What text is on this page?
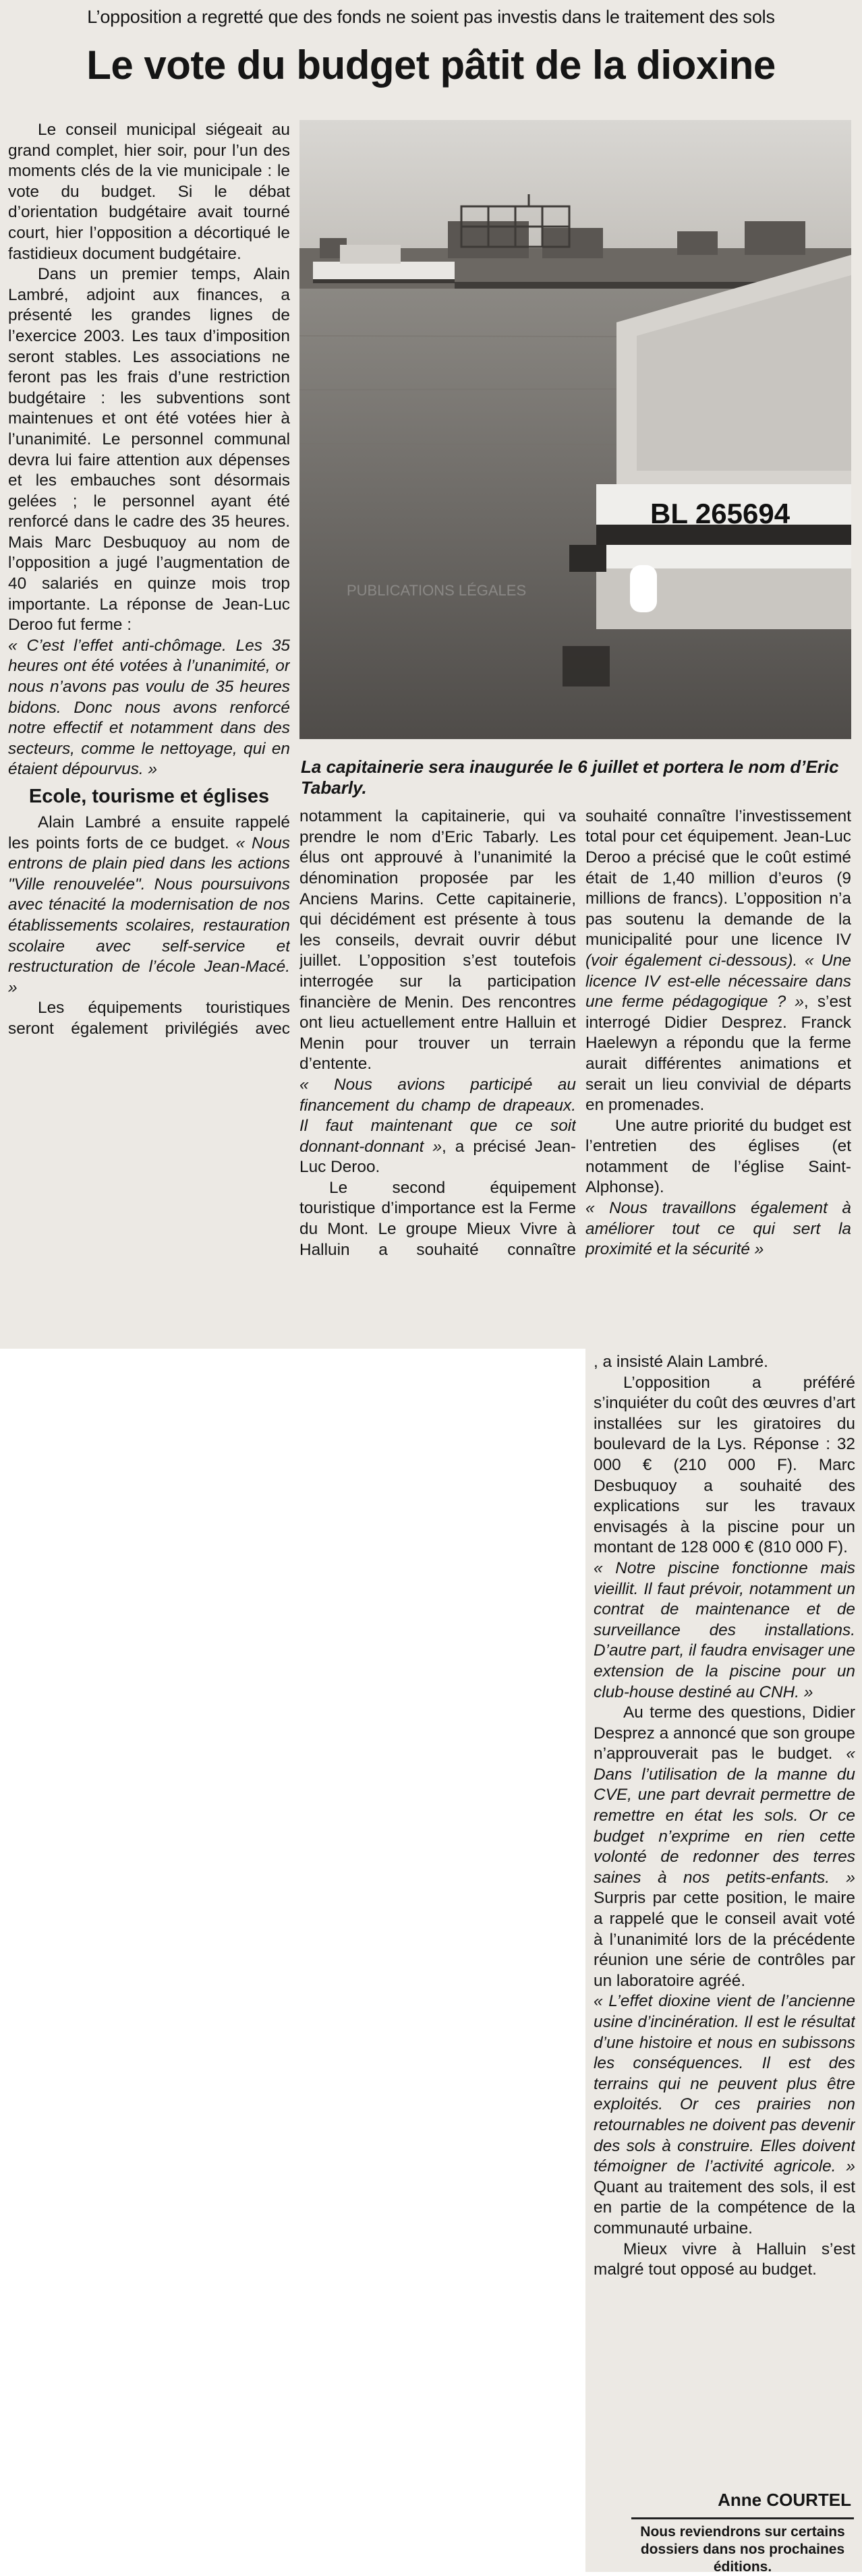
L’opposition a regretté que des fonds ne soient pas investis dans le traitement des sols
Le vote du budget pâtit de la dioxine

Le conseil municipal siégeait au grand complet, hier soir, pour l’un des moments clés de la vie municipale : le vote du budget. Si le débat d’orientation budgétaire avait tourné court, hier l’opposition a décortiqué le fastidieux document budgétaire.

Dans un premier temps, Alain Lambré, adjoint aux finances, a présenté les grandes lignes de l’exercice 2003. Les taux d’imposition seront stables. Les associations ne feront pas les frais d’une restriction budgétaire : les subventions sont maintenues et ont été votées hier à l’unanimité. Le personnel communal devra lui faire attention aux dépenses et les embauches sont désormais gelées ; le personnel ayant été renforcé dans le cadre des 35 heures. Mais Marc Desbuquoy au nom de l’opposition a jugé l’augmentation de 40 salariés en quinze mois trop importante. La réponse de Jean-Luc Deroo fut ferme :

« C’est l’effet anti-chômage. Les 35 heures ont été votées à l’unanimité, or nous n’avons pas voulu de 35 heures bidons. Donc nous avons renforcé notre effectif et notamment dans des secteurs, comme le nettoyage, qui en étaient dépourvus. »

Ecole, tourisme et églises

Alain Lambré a ensuite rappelé les points forts de ce budget. « Nous entrons de plain pied dans les actions "Ville renouvelée". Nous poursuivons avec ténacité la modernisation de nos établissements scolaires, restauration scolaire avec self-service et restructuration de l’école Jean-Macé. »

Les équipements touristiques seront également privilégiés avec

BL 265694
PUBLICATIONS LÉGALES
La capitainerie sera inaugurée le 6 juillet et portera le nom d’Eric Tabarly.

notamment la capitainerie, qui va prendre le nom d’Eric Tabarly. Les élus ont approuvé à l’unanimité la dénomination proposée par les Anciens Marins. Cette capitainerie, qui décidément est présente à tous les conseils, devrait ouvrir début juillet. L’opposition s’est toutefois interrogée sur la participation financière de Menin. Des rencontres ont lieu actuellement entre Halluin et Menin pour trouver un terrain d’entente.

« Nous avions participé au financement du champ de drapeaux. Il faut maintenant que ce soit donnant-donnant », a précisé Jean-Luc Deroo.

Le second équipement touristique d’importance est la Ferme du Mont. Le groupe Mieux Vivre à Halluin a souhaité connaître

souhaité connaître l’investissement total pour cet équipement. Jean-Luc Deroo a précisé que le coût estimé était de 1,40 million d’euros (9 millions de francs). L’opposition n’a pas soutenu la demande de la municipalité pour une licence IV (voir également ci-dessous). « Une licence IV est-elle nécessaire dans une ferme pédagogique ? », s’est interrogé Didier Desprez. Franck Haelewyn a répondu que la ferme aurait différentes animations et serait un lieu convivial de départs en promenades.

Une autre priorité du budget est l’entretien des églises (et notamment de l’église Saint-Alphonse).

« Nous travaillons également à améliorer tout ce qui sert la proximité et la sécurité »

, a insisté Alain Lambré.

L’opposition a préféré s’inquiéter du coût des œuvres d’art installées sur les giratoires du boulevard de la Lys. Réponse : 32 000 € (210 000 F). Marc Desbuquoy a souhaité des explications sur les travaux envisagés à la piscine pour un montant de 128 000 € (810 000 F).

« Notre piscine fonctionne mais vieillit. Il faut prévoir, notamment un contrat de maintenance et de surveillance des installations. D’autre part, il faudra envisager une extension de la piscine pour un club-house destiné au CNH. »

Au terme des questions, Didier Desprez a annoncé que son groupe n’approuverait pas le budget. « Dans l’utilisation de la manne du CVE, une part devrait permettre de remettre en état les sols. Or ce budget n’exprime en rien cette volonté de redonner des terres saines à nos petits-enfants. » Surpris par cette position, le maire a rappelé que le conseil avait voté à l’unanimité lors de la précédente réunion une série de contrôles par un laboratoire agréé.

« L’effet dioxine vient de l’ancienne usine d’incinération. Il est le résultat d’une histoire et nous en subissons les conséquences. Il est des terrains qui ne peuvent plus être exploités. Or ces prairies non retournables ne doivent pas devenir des sols à construire. Elles doivent témoigner de l’activité agricole. » Quant au traitement des sols, il est en partie de la compétence de la communauté urbaine.

Mieux vivre à Halluin s’est malgré tout opposé au budget.

Anne COURTEL
Nous reviendrons sur certains dossiers dans nos prochaines éditions.
